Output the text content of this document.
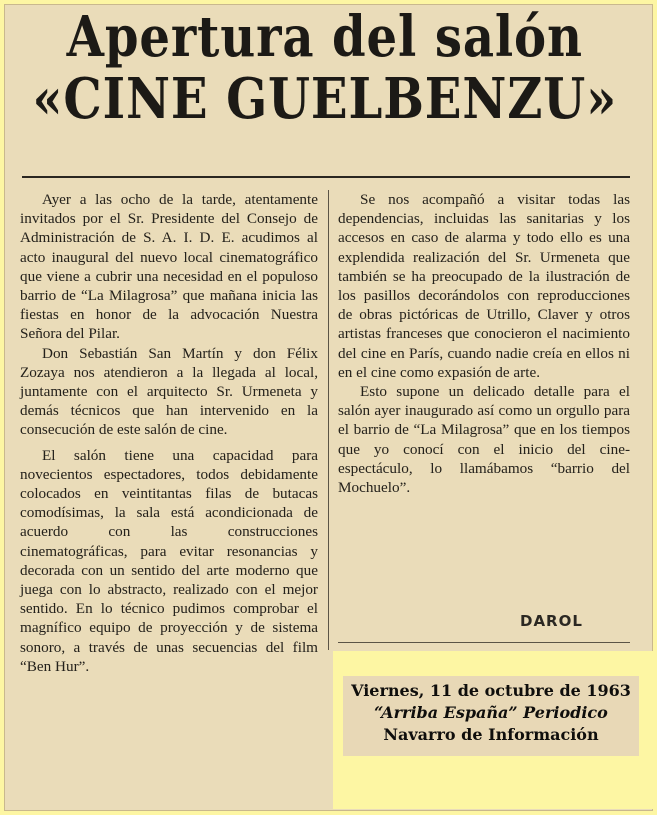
Apertura del salón
«CINE GUELBENZU»

Ayer a las ocho de la tarde, atentamente invitados por el Sr. Presidente del Consejo de Administración de S. A. I. D. E. acudimos al acto inaugural del nuevo local cinematográfico que viene a cubrir una necesidad en el populoso barrio de “La Milagrosa” que mañana inicia las fiestas en honor de la advocación Nuestra Señora del Pilar.

Don Sebastián San Martín y don Félix Zozaya nos atendieron a la llegada al local, juntamente con el arquitecto Sr. Urmeneta y demás técnicos que han intervenido en la consecución de este salón de cine.

El salón tiene una capacidad para novecientos espectadores, todos debidamente colocados en veintitantas filas de butacas comodísimas, la sala está acondicionada de acuerdo con las construcciones cinematográficas, para evitar resonancias y decorada con un sentido del arte moderno que juega con lo abstracto, realizado con el mejor sentido. En lo técnico pudimos comprobar el magnífico equipo de proyección y de sistema sonoro, a través de unas secuencias del film “Ben Hur”.

Se nos acompañó a visitar todas las dependencias, incluidas las sanitarias y los accesos en caso de alarma y todo ello es una explendida realización del Sr. Urmeneta que también se ha preocupado de la ilustración de los pasillos decorándolos con reproducciones de obras pictóricas de Utrillo, Claver y otros artistas franceses que conocieron el nacimiento del cine en París, cuando nadie creía en ellos ni en el cine como expasión de arte.

Esto supone un delicado detalle para el salón ayer inaugurado así como un orgullo para el barrio de “La Milagrosa” que en los tiempos que yo conocí con el inicio del cine-espectáculo, lo llamábamos “barrio del Mochuelo”.

DAROL
Viernes, 11 de octubre de 1963
“Arriba España” Periodico
Navarro de Información
